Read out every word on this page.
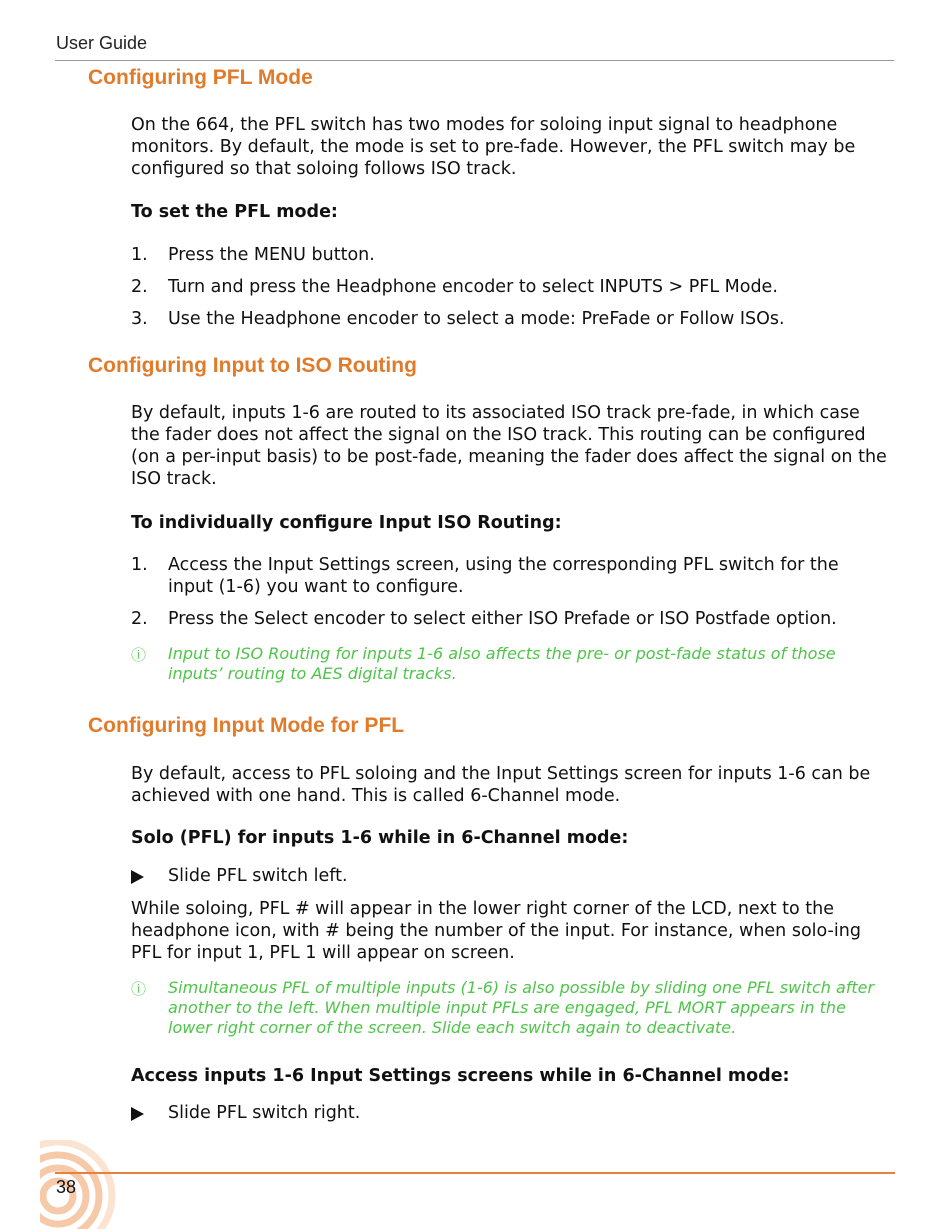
User Guide
Configuring PFL Mode
On the 664, the PFL switch has two modes for soloing input signal to headphone monitors. By default, the mode is set to pre-fade. However, the PFL switch may be configured so that soloing follows ISO track.
To set the PFL mode:
1.	Press the MENU button.
2.	Turn and press the Headphone encoder to select INPUTS > PFL Mode.
3.	Use the Headphone encoder to select a mode: PreFade or Follow ISOs.
Configuring Input to ISO Routing
By default, inputs 1-6 are routed to its associated ISO track pre-fade, in which case the fader does not affect the signal on the ISO track. This routing can be configured (on a per-input basis) to be post-fade, meaning the fader does affect the signal on the ISO track.
To individually configure Input ISO Routing:
1.	Access the Input Settings screen, using the corresponding PFL switch for the input (1-6) you want to configure.
2.	Press the Select encoder to select either ISO Prefade or ISO Postfade option.
ⓘ Input to ISO Routing for inputs 1-6 also affects the pre- or post-fade status of those inputs’ routing to AES digital tracks.
Configuring Input Mode for PFL
By default, access to PFL soloing and the Input Settings screen for inputs 1-6 can be achieved with one hand. This is called 6-Channel mode.
Solo (PFL) for inputs 1-6 while in 6-Channel mode:
Slide PFL switch left.
While soloing, PFL # will appear in the lower right corner of the LCD, next to the headphone icon, with # being the number of the input. For instance, when solo-ing PFL for input 1, PFL 1 will appear on screen.
ⓘ Simultaneous PFL of multiple inputs (1-6) is also possible by sliding one PFL switch after another to the left. When multiple input PFLs are engaged, PFL MORT appears in the lower right corner of the screen. Slide each switch again to deactivate.
Access inputs 1-6 Input Settings screens while in 6-Channel mode:
Slide PFL switch right.
38
